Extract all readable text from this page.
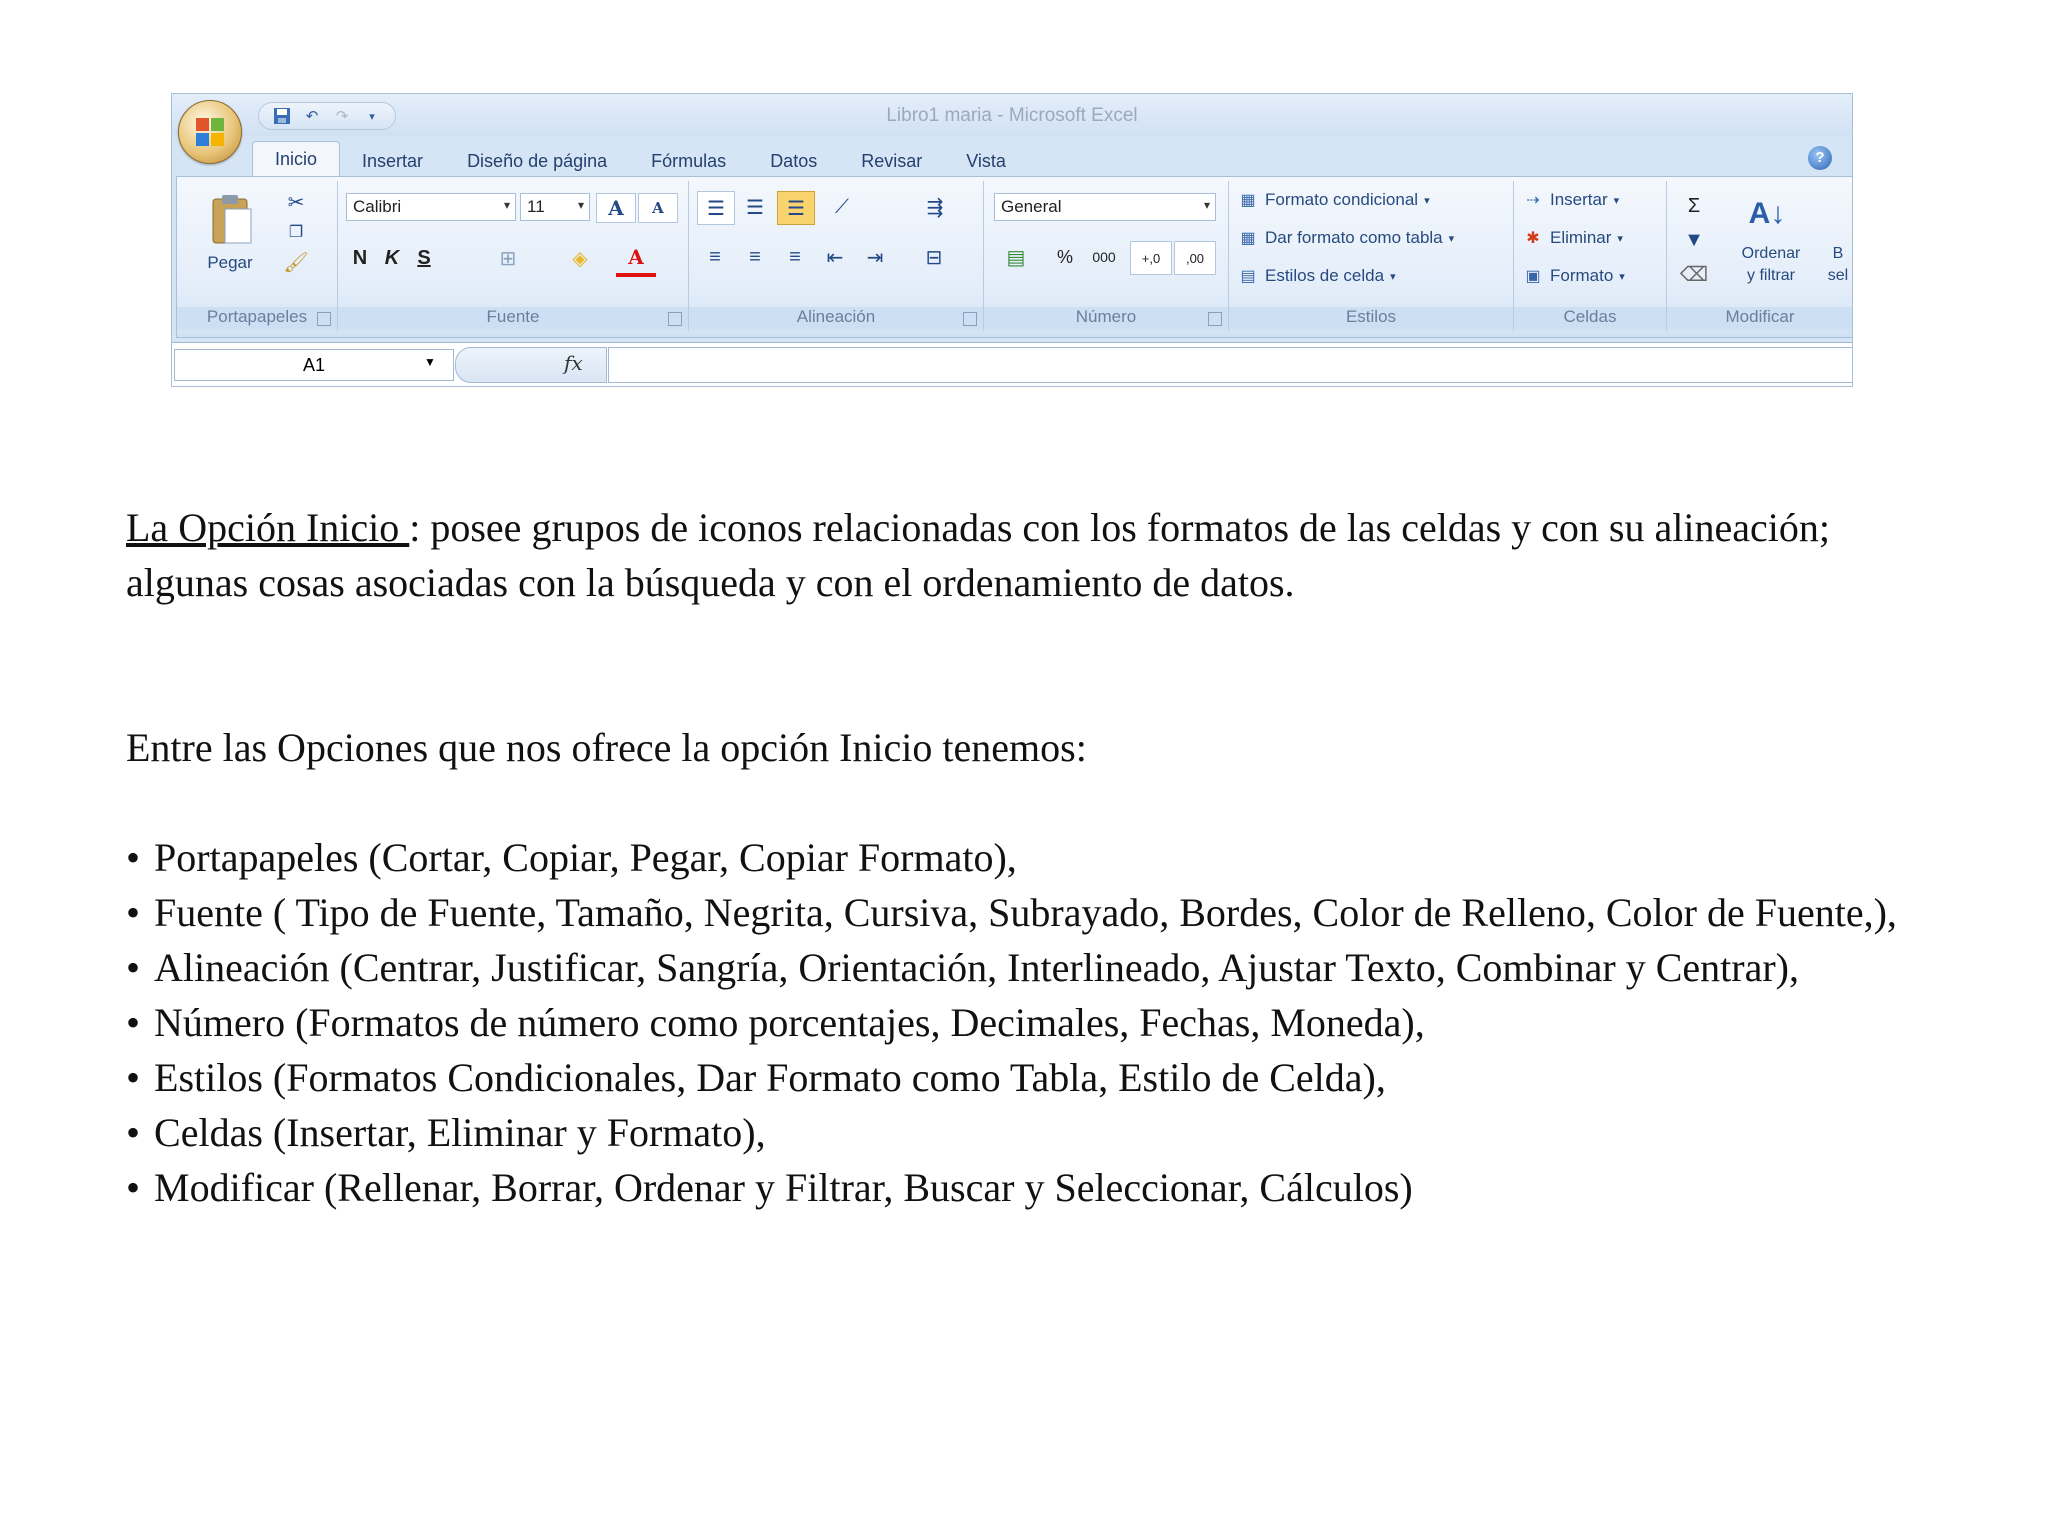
Libro1 maria - Microsoft Excel
↶	↷	▾
Inicio	Insertar	Diseño de página	Fórmulas	Datos	Revisar	Vista	?
Pegar
✂
❐
🖌
Portapapeles
Calibri	▾ 11	▾	A	A
N K S	⊞	◈	A
Fuente
☰	☰	☰	⟋	⇶
≡	≡	≡	⇤	⇥	⊟
Alineación
General	▾
▤	%	000	+,0	,00
Número
▦ Formato condicional ▾
▦ Dar formato como tabla ▾
▤ Estilos de celda ▾
Estilos
⇢ Insertar ▾
✱ Eliminar ▾
▣ Formato ▾
Celdas
Σ
▼
⌫
A↓
Ordenar
y filtrar
B
sel
Modificar
A1	▼	fx

La Opción Inicio : posee grupos de iconos relacionadas con los formatos de las celdas y con su alineación; algunas cosas asociadas con la búsqueda y con el ordenamiento de datos.

Entre las Opciones que nos ofrece la opción Inicio tenemos:

• Portapapeles (Cortar, Copiar, Pegar, Copiar Formato),
• Fuente ( Tipo de Fuente, Tamaño, Negrita, Cursiva, Subrayado, Bordes, Color de Relleno, Color de Fuente,),
• Alineación (Centrar, Justificar, Sangría, Orientación, Interlineado, Ajustar Texto, Combinar y Centrar),
• Número (Formatos de número como porcentajes, Decimales, Fechas, Moneda),
• Estilos (Formatos Condicionales, Dar Formato como Tabla, Estilo de Celda),
• Celdas (Insertar, Eliminar y Formato),
• Modificar (Rellenar, Borrar, Ordenar y Filtrar, Buscar y Seleccionar, Cálculos)
